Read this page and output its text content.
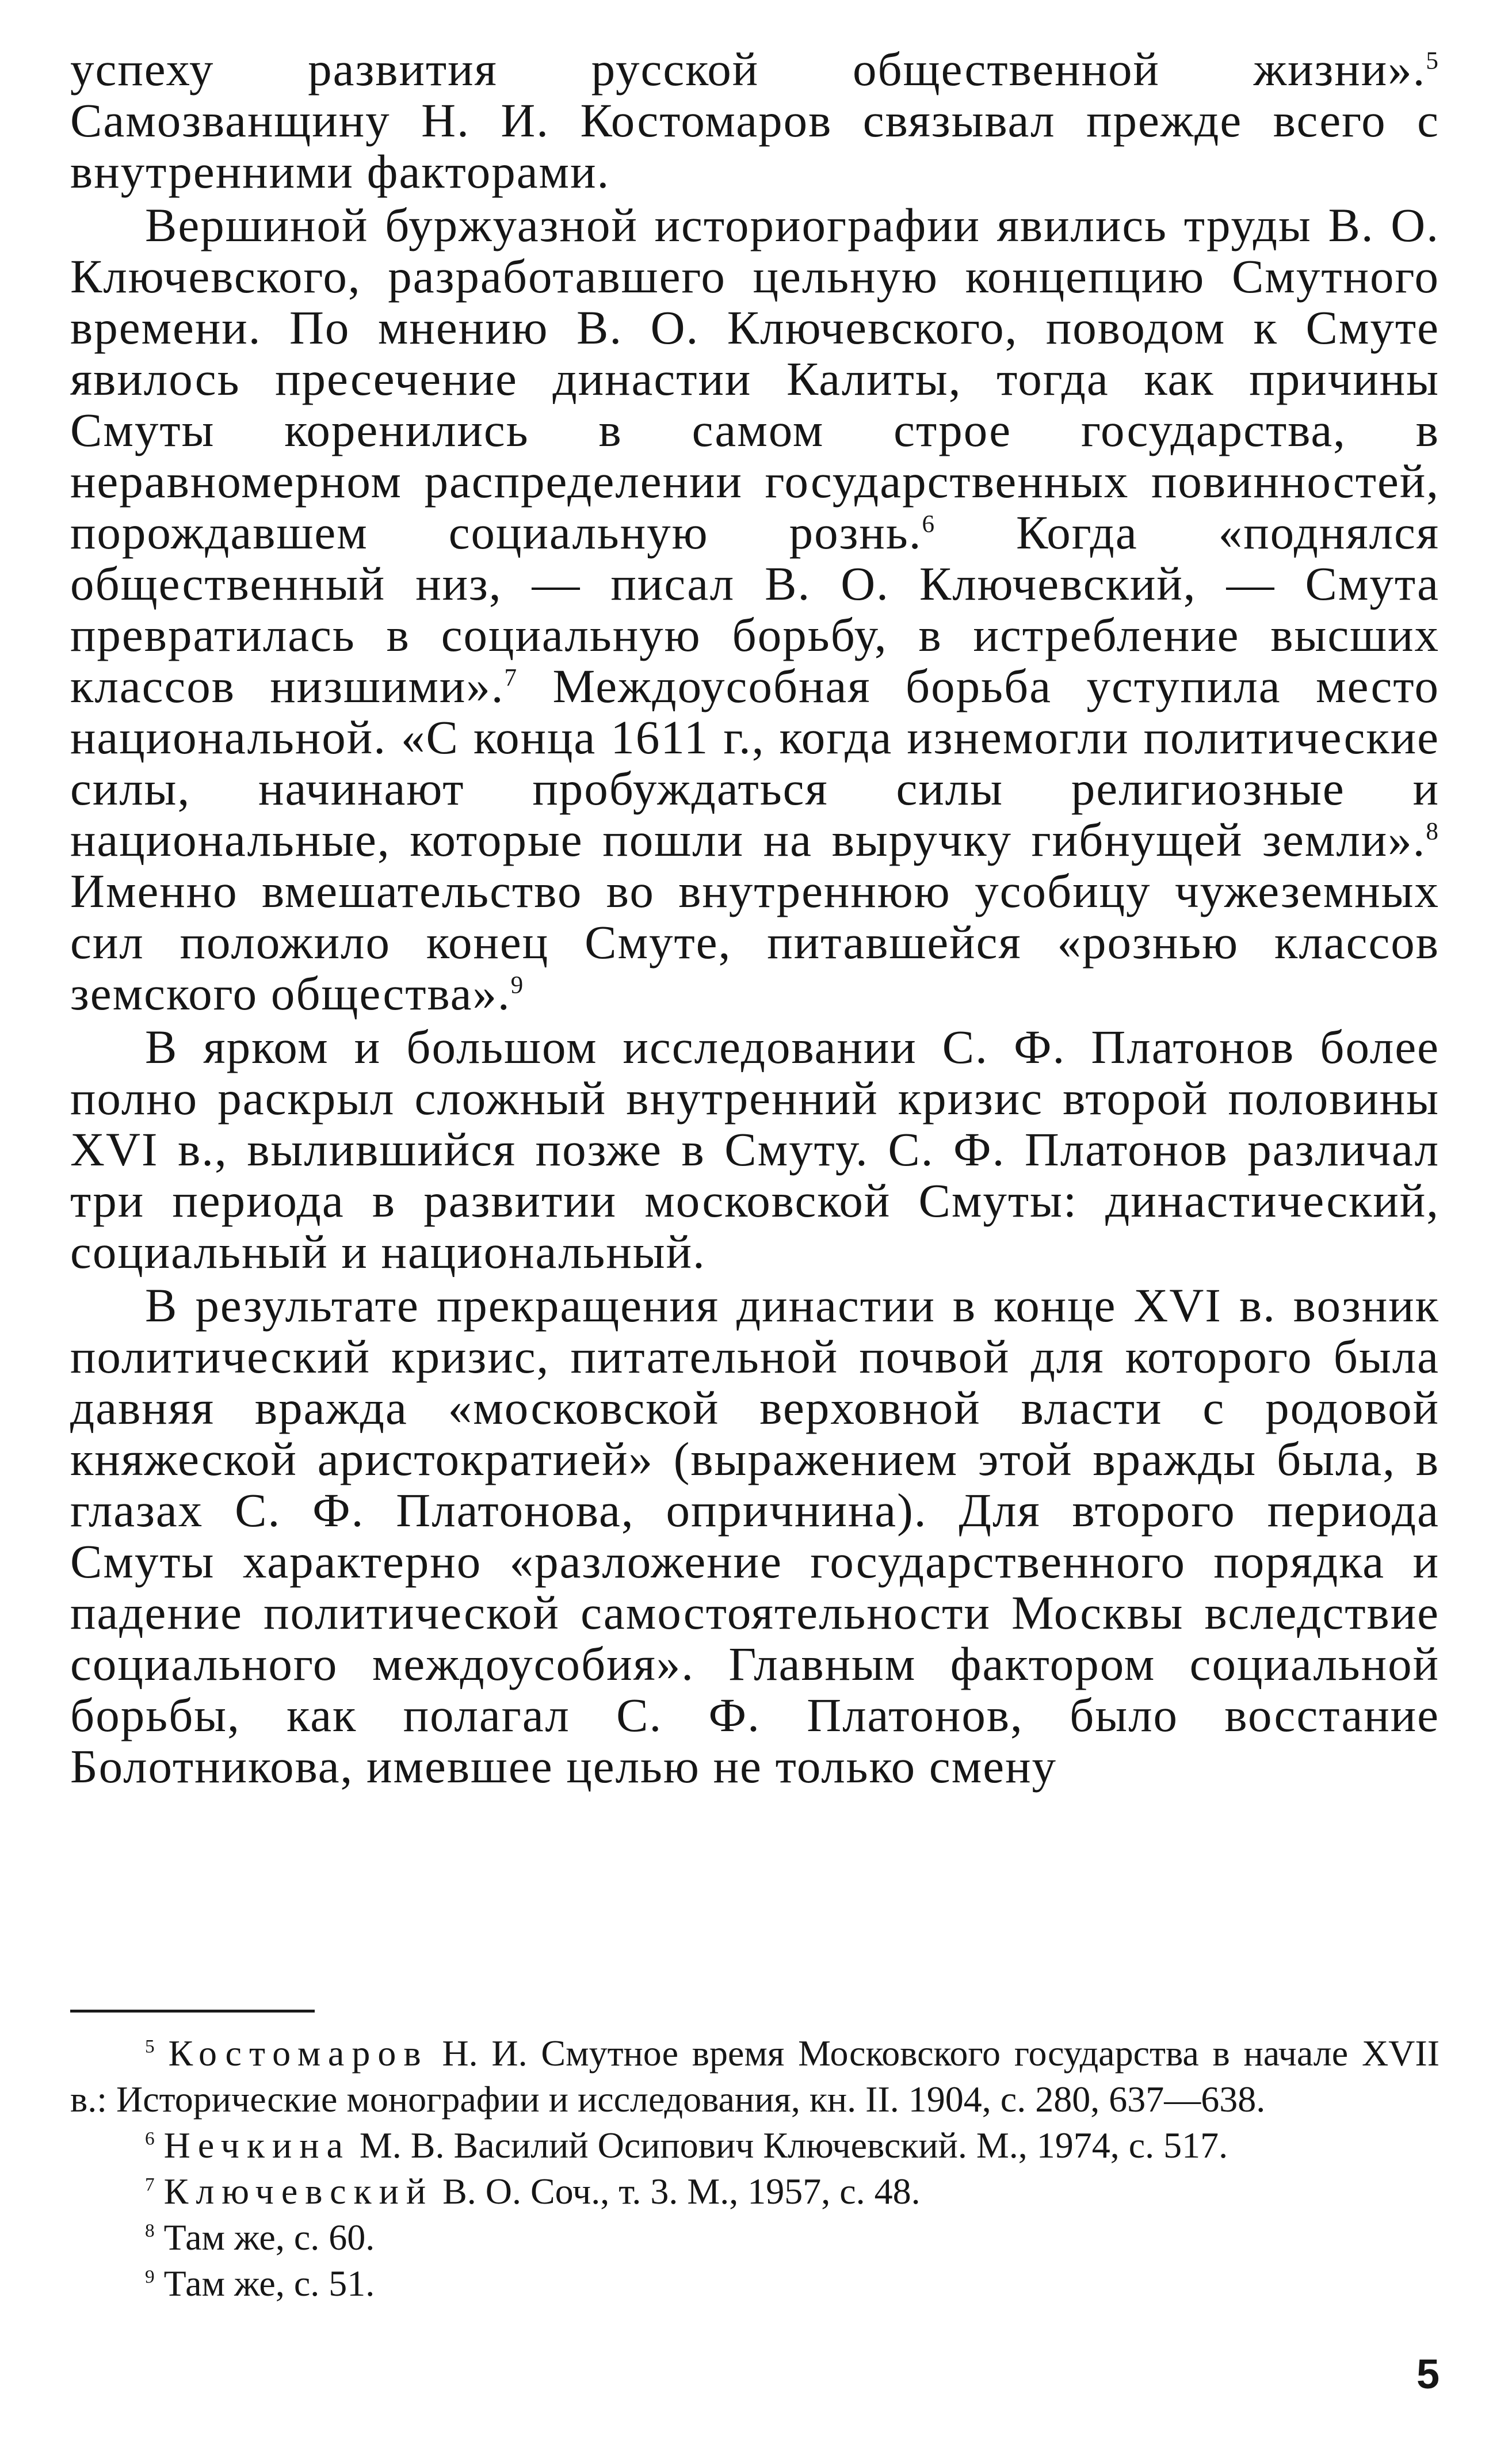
успеху развития русской общественной жизни».$^5$ Самозванщину Н. И. Костомаров связывал прежде всего с внутренними факторами.

Вершиной буржуазной историографии явились труды В. О. Ключевского, разработавшего цельную концепцию Смутного времени. По мнению В. О. Ключевского, поводом к Смуте явилось пресечение династии Калиты, тогда как причины Смуты коренились в самом строе государства, в неравномерном распределении государственных повинностей, порождавшем социальную рознь.$^6$ Когда «поднялся общественный низ, — писал В. О. Ключевский, — Смута превратилась в социальную борьбу, в истребление высших классов низшими».$^7$ Междоусобная борьба уступила место национальной. «С конца 1611 г., когда изнемогли политические силы, начинают пробуждаться силы религиозные и национальные, которые пошли на выручку гибнущей земли».$^8$ Именно вмешательство во внутреннюю усобицу чужеземных сил положило конец Смуте, питавшейся «рознью классов земского общества».$^9$

В ярком и большом исследовании С. Ф. Платонов более полно раскрыл сложный внутренний кризис второй половины XVI в., вылившийся позже в Смуту. С. Ф. Платонов различал три периода в развитии московской Смуты: династический, социальный и национальный.

В результате прекращения династии в конце XVI в. возник политический кризис, питательной почвой для которого была давняя вражда «московской верховной власти с родовой княжеской аристократией» (выражением этой вражды была, в глазах С. Ф. Платонова, опричнина). Для второго периода Смуты характерно «разложение государственного порядка и падение политической самостоятельности Москвы вследствие социального междоусобия». Главным фактором социальной борьбы, как полагал С. Ф. Платонов, было восстание Болотникова, имевшее целью не только смену

$^5$ Костомаров Н. И. Смутное время Московского государства в начале XVII в.: Исторические монографии и исследования, кн. II. 1904, с. 280, 637—638.

$^6$ Нечкина М. В. Василий Осипович Ключевский. М., 1974, с. 517.

$^7$ Ключевский В. О. Соч., т. 3. М., 1957, с. 48.

$^8$ Там же, с. 60.

$^9$ Там же, с. 51.

5
